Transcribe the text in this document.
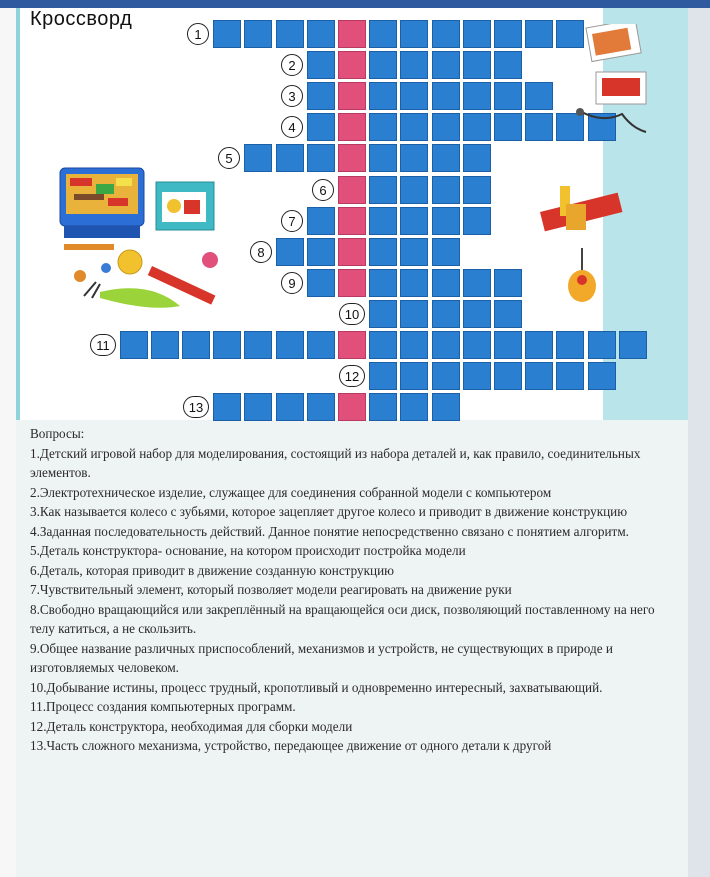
Кроссворд
1
2
3
4
5
6
7
8
9
10
11
12
13
Вопросы:
1.Детский игровой набор для моделирования, состоящий из набора деталей и, как правило, соединительных элементов.
2.Электротехническое изделие, служащее для соединения собранной модели с компьютером
3.Как называется колесо с зубьями, которое зацепляет другое колесо и приводит в движение конструкцию
4.Заданная последовательность действий. Данное понятие непосредственно связано с понятием алгоритм.
5.Деталь конструктора- основание, на котором происходит постройка модели
6.Деталь, которая приводит в движение созданную конструкцию
7.Чувствительный элемент, который позволяет модели реагировать на движение руки
8.Свободно вращающийся или закреплённый на вращающейся оси диск, позволяющий поставленному на него телу катиться, а не скользить.
9.Общее название различных приспособлений, механизмов и устройств, не существующих в природе и изготовляемых человеком.
10.Добывание истины, процесс трудный, кропотливый и одновременно интересный, захватывающий.
11.Процесс создания компьютерных программ.
12.Деталь конструктора, необходимая для сборки модели
13.Часть сложного механизма, устройство, передающее движение от одного детали к другой
